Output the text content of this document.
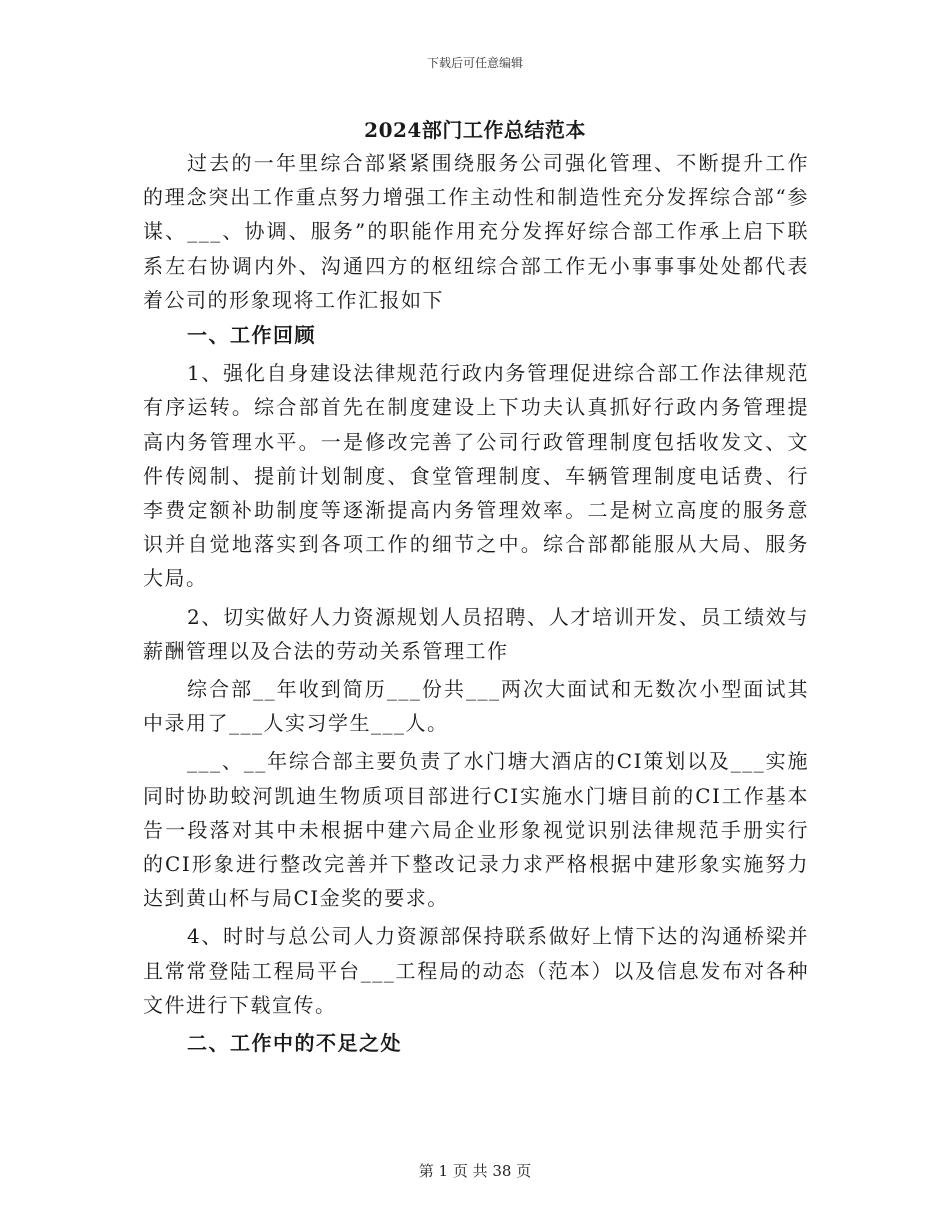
下载后可任意编辑
2024部门工作总结范本

过去的一年里综合部紧紧围绕服务公司强化管理、不断提升工作的理念突出工作重点努力增强工作主动性和制造性充分发挥综合部“参谋、___、协调、服务”的职能作用充分发挥好综合部工作承上启下联系左右协调内外、沟通四方的枢纽综合部工作无小事事事处处都代表着公司的形象现将工作汇报如下

一、工作回顾

1、强化自身建设法律规范行政内务管理促进综合部工作法律规范有序运转。综合部首先在制度建设上下功夫认真抓好行政内务管理提高内务管理水平。一是修改完善了公司行政管理制度包括收发文、文件传阅制、提前计划制度、食堂管理制度、车辆管理制度电话费、行李费定额补助制度等逐渐提高内务管理效率。二是树立高度的服务意识并自觉地落实到各项工作的细节之中。综合部都能服从大局、服务大局。

2、切实做好人力资源规划人员招聘、人才培训开发、员工绩效与薪酬管理以及合法的劳动关系管理工作

综合部__年收到简历___份共___两次大面试和无数次小型面试其中录用了___人实习学生___人。

___、__年综合部主要负责了水门塘大酒店的CI策划以及___实施同时协助蛟河凯迪生物质项目部进行CI实施水门塘目前的CI工作基本告一段落对其中未根据中建六局企业形象视觉识别法律规范手册实行的CI形象进行整改完善并下整改记录力求严格根据中建形象实施努力达到黄山杯与局CI金奖的要求。

4、时时与总公司人力资源部保持联系做好上情下达的沟通桥梁并且常常登陆工程局平台___工程局的动态（范本）以及信息发布对各种文件进行下载宣传。

二、工作中的不足之处

第 1 页 共 38 页
